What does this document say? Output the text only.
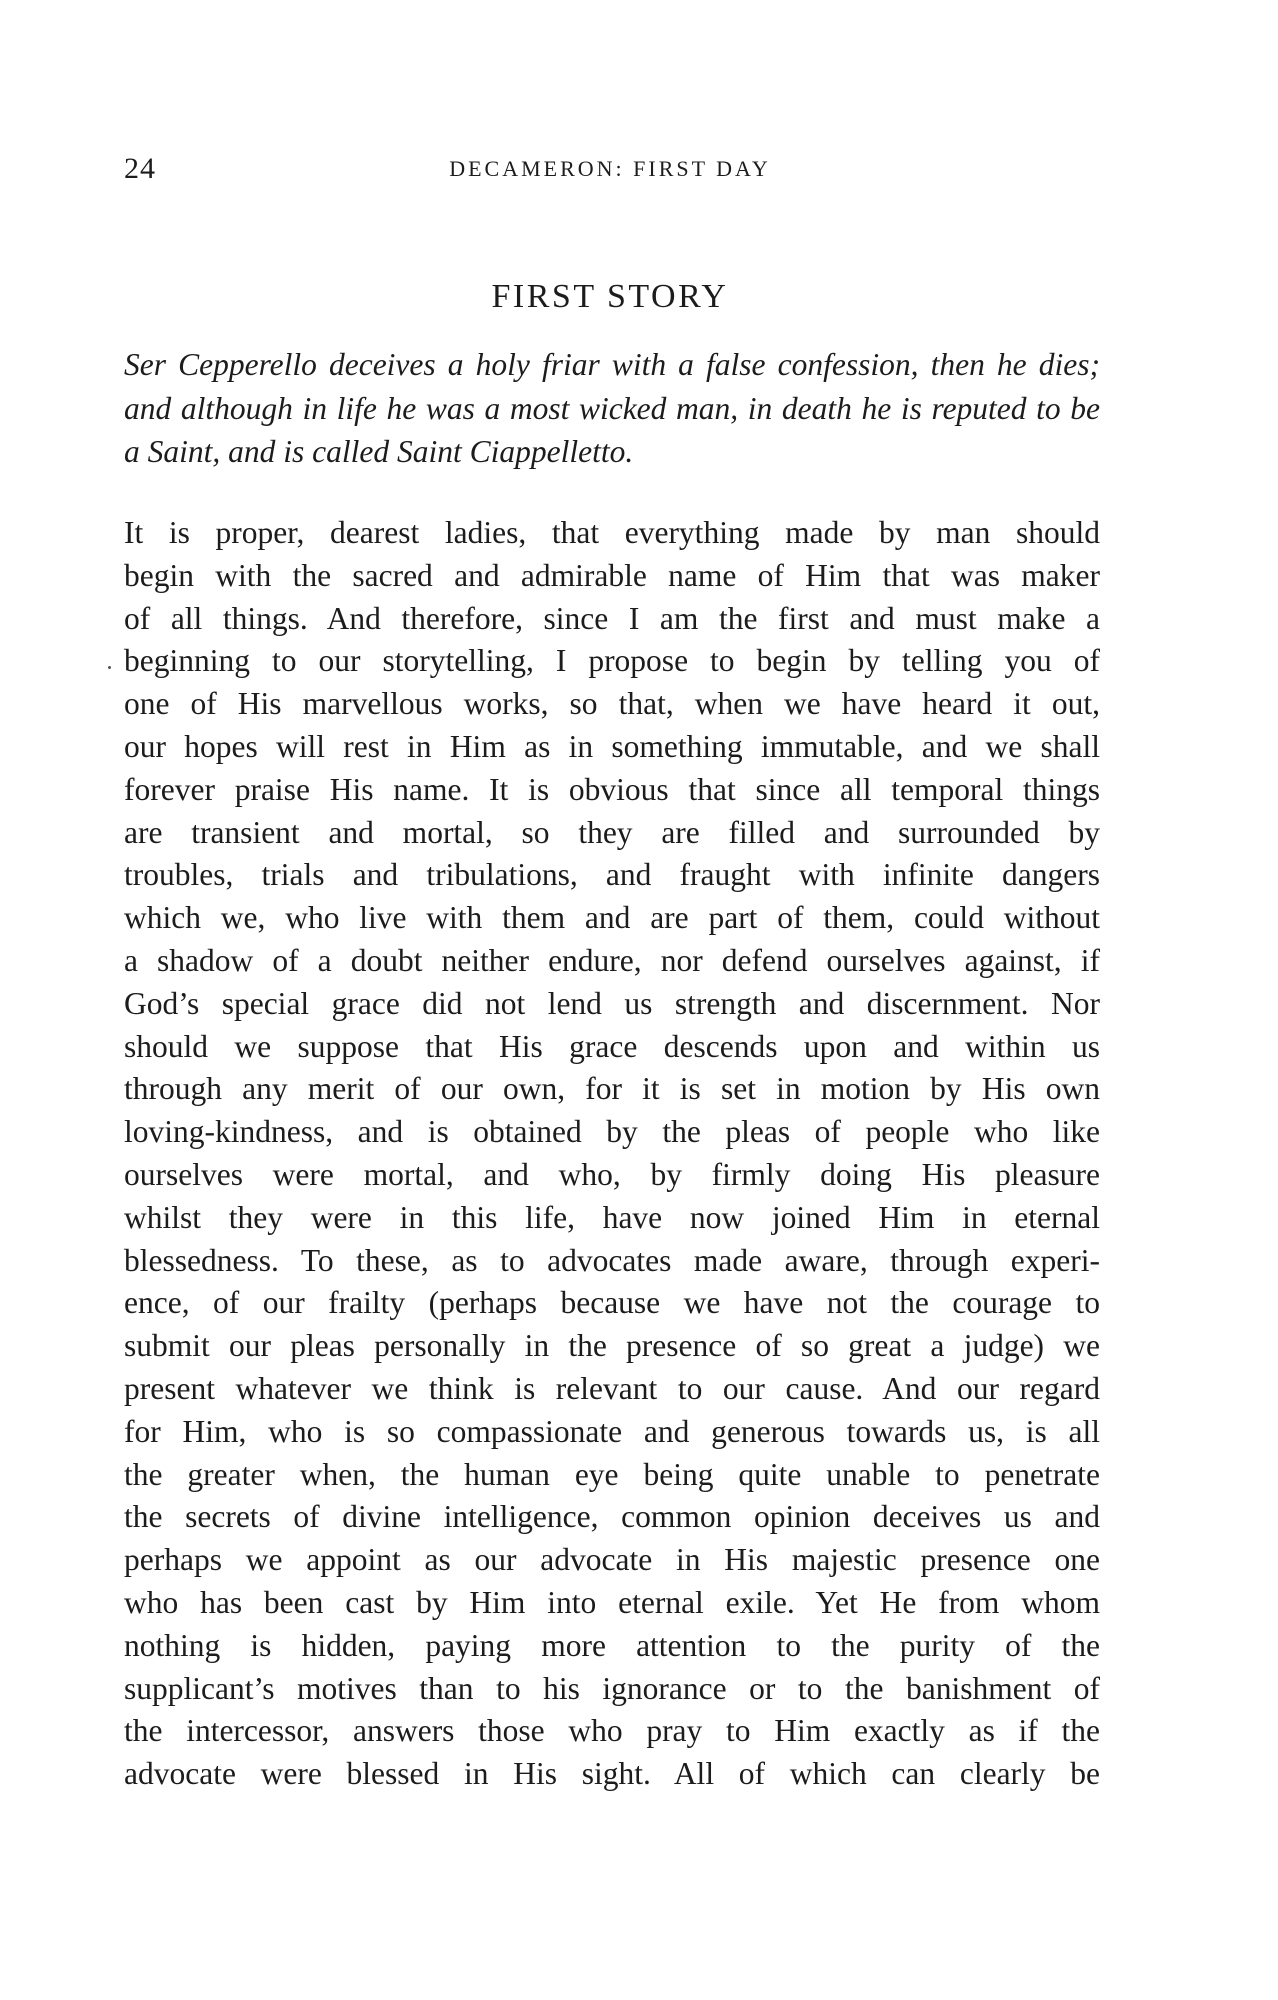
24	DECAMERON: FIRST DAY
FIRST STORY
Ser Cepperello deceives a holy friar with a false confession, then he dies;
and although in life he was a most wicked man, in death he is reputed to be
a Saint, and is called Saint Ciappelletto.
It is proper, dearest ladies, that everything made by man should
begin with the sacred and admirable name of Him that was maker
of all things. And therefore, since I am the first and must make a
beginning to our storytelling, I propose to begin by telling you of
one of His marvellous works, so that, when we have heard it out,
our hopes will rest in Him as in something immutable, and we shall
forever praise His name. It is obvious that since all temporal things
are transient and mortal, so they are filled and surrounded by
troubles, trials and tribulations, and fraught with infinite dangers
which we, who live with them and are part of them, could without
a shadow of a doubt neither endure, nor defend ourselves against, if
God’s special grace did not lend us strength and discernment. Nor
should we suppose that His grace descends upon and within us
through any merit of our own, for it is set in motion by His own
loving-kindness, and is obtained by the pleas of people who like
ourselves were mortal, and who, by firmly doing His pleasure
whilst they were in this life, have now joined Him in eternal
blessedness. To these, as to advocates made aware, through experi-
ence, of our frailty (perhaps because we have not the courage to
submit our pleas personally in the presence of so great a judge) we
present whatever we think is relevant to our cause. And our regard
for Him, who is so compassionate and generous towards us, is all
the greater when, the human eye being quite unable to penetrate
the secrets of divine intelligence, common opinion deceives us and
perhaps we appoint as our advocate in His majestic presence one
who has been cast by Him into eternal exile. Yet He from whom
nothing is hidden, paying more attention to the purity of the
supplicant’s motives than to his ignorance or to the banishment of
the intercessor, answers those who pray to Him exactly as if the
advocate were blessed in His sight. All of which can clearly be
